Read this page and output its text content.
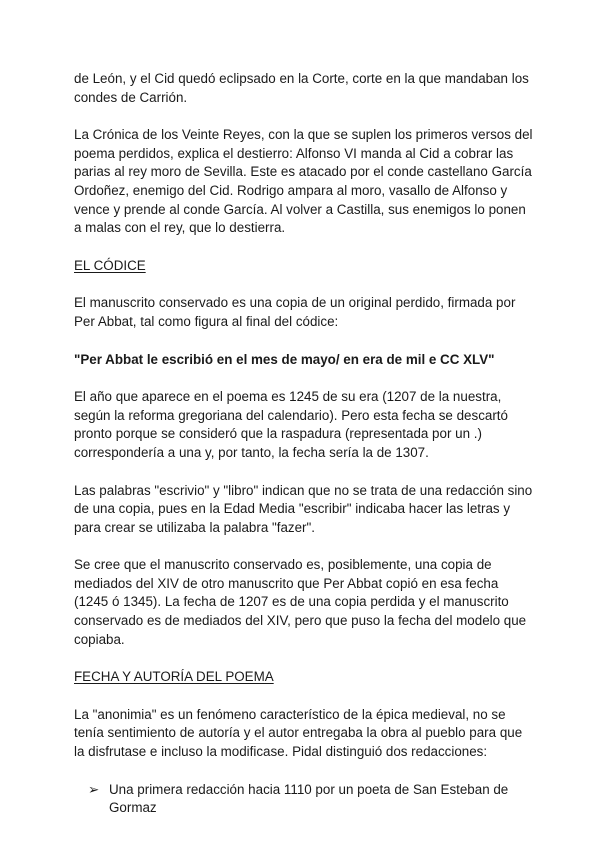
de León, y el Cid quedó eclipsado en la Corte, corte en la que mandaban los condes de Carrión.

La Crónica de los Veinte Reyes, con la que se suplen los primeros versos del poema perdidos, explica el destierro: Alfonso VI manda al Cid a cobrar las parias al rey moro de Sevilla. Este es atacado por el conde castellano García Ordoñez, enemigo del Cid. Rodrigo ampara al moro, vasallo de Alfonso y vence y prende al conde García. Al volver a Castilla, sus enemigos lo ponen a malas con el rey, que lo destierra.

EL CÓDICE

El manuscrito conservado es una copia de un original perdido, firmada por Per Abbat, tal como figura al final del códice:

"Per Abbat le escribió en el mes de mayo/ en era de mil e CC XLV"

El año que aparece en el poema es 1245 de su era (1207 de la nuestra, según la reforma gregoriana del calendario). Pero esta fecha se descartó pronto porque se consideró que la raspadura (representada por un .) correspondería a una y, por tanto, la fecha sería la de 1307.

Las palabras "escrivio" y "libro" indican que no se trata de una redacción sino de una copia, pues en la Edad Media "escribir" indicaba hacer las letras y para crear se utilizaba la palabra "fazer".

Se cree que el manuscrito conservado es, posiblemente, una copia de mediados del XIV de otro manuscrito que Per Abbat copió en esa fecha (1245 ó 1345). La fecha de 1207 es de una copia perdida y el manuscrito conservado es de mediados del XIV, pero que puso la fecha del modelo que copiaba.

FECHA Y AUTORÍA DEL POEMA

La "anonimia" es un fenómeno característico de la épica medieval, no se tenía sentimiento de autoría y el autor entregaba la obra al pueblo para que la disfrutase e incluso la modificase. Pidal distinguió dos redacciones:

➢ Una primera redacción hacia 1110 por un poeta de San Esteban de Gormaz
